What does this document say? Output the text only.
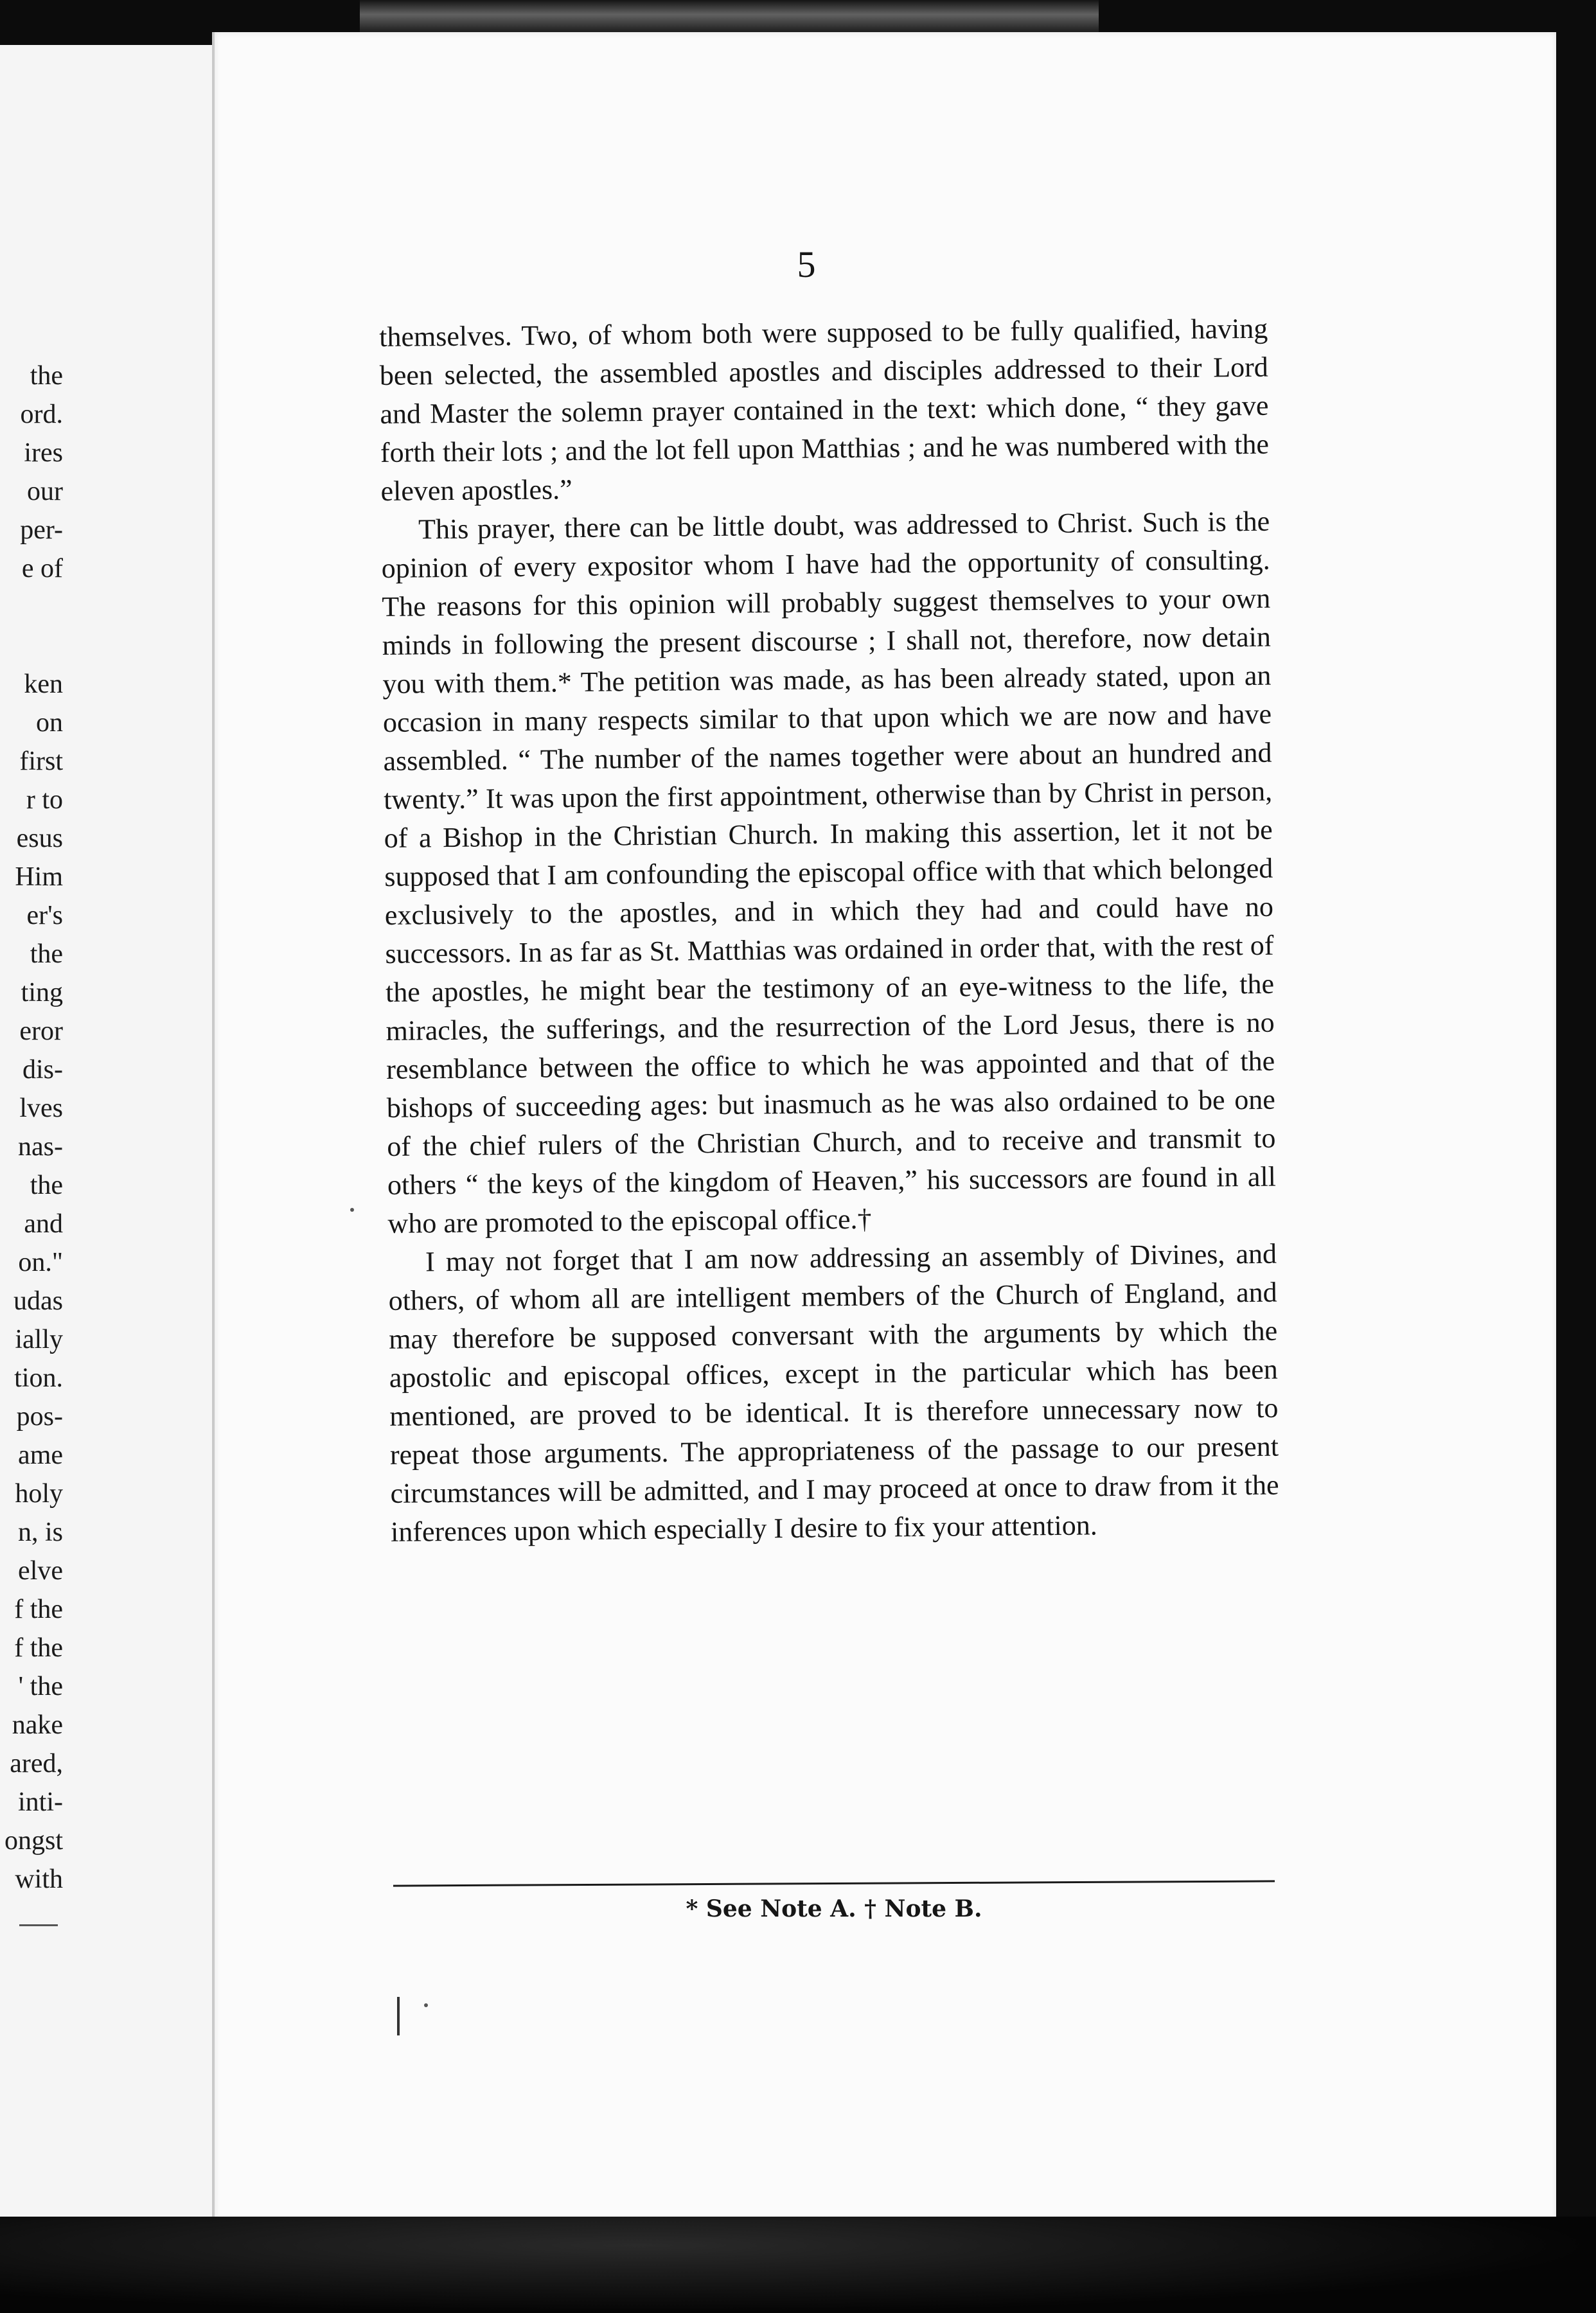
the
ord.
ires
our
per-
e of

ken
on
first
r to
esus
Him
er's
the
ting
eror
dis-
lves
nas-
the
and
on."
udas
ially
tion.
pos-
ame
holy
n, is
elve
f the
f the
' the
nake
ared,
inti-
ongst
with
5

themselves. Two, of whom both were supposed to be fully qualified, having been selected, the assembled apostles and disciples addressed to their Lord and Master the solemn prayer contained in the text: which done, “ they gave forth their lots ; and the lot fell upon Matthias ; and he was numbered with the eleven apostles.”

This prayer, there can be little doubt, was addressed to Christ. Such is the opinion of every expositor whom I have had the opportunity of consulting. The reasons for this opinion will probably suggest themselves to your own minds in following the present discourse ; I shall not, therefore, now detain you with them.* The petition was made, as has been already stated, upon an occasion in many respects similar to that upon which we are now and have assembled. “ The number of the names together were about an hundred and twenty.” It was upon the first appointment, otherwise than by Christ in person, of a Bishop in the Christian Church. In making this assertion, let it not be supposed that I am confounding the episcopal office with that which belonged exclusively to the apostles, and in which they had and could have no successors. In as far as St. Matthias was ordained in order that, with the rest of the apostles, he might bear the testimony of an eye-witness to the life, the miracles, the sufferings, and the resurrection of the Lord Jesus, there is no resemblance between the office to which he was appointed and that of the bishops of succeeding ages: but inasmuch as he was also ordained to be one of the chief rulers of the Christian Church, and to receive and transmit to others “ the keys of the kingdom of Heaven,” his successors are found in all who are promoted to the episcopal office.†

I may not forget that I am now addressing an assembly of Divines, and others, of whom all are intelligent members of the Church of England, and may therefore be supposed conversant with the arguments by which the apostolic and episcopal offices, except in the particular which has been mentioned, are proved to be identical. It is therefore unnecessary now to repeat those arguments. The appropriateness of the passage to our present circumstances will be admitted, and I may proceed at once to draw from it the inferences upon which especially I desire to fix your attention.

* See Note A. † Note B.
